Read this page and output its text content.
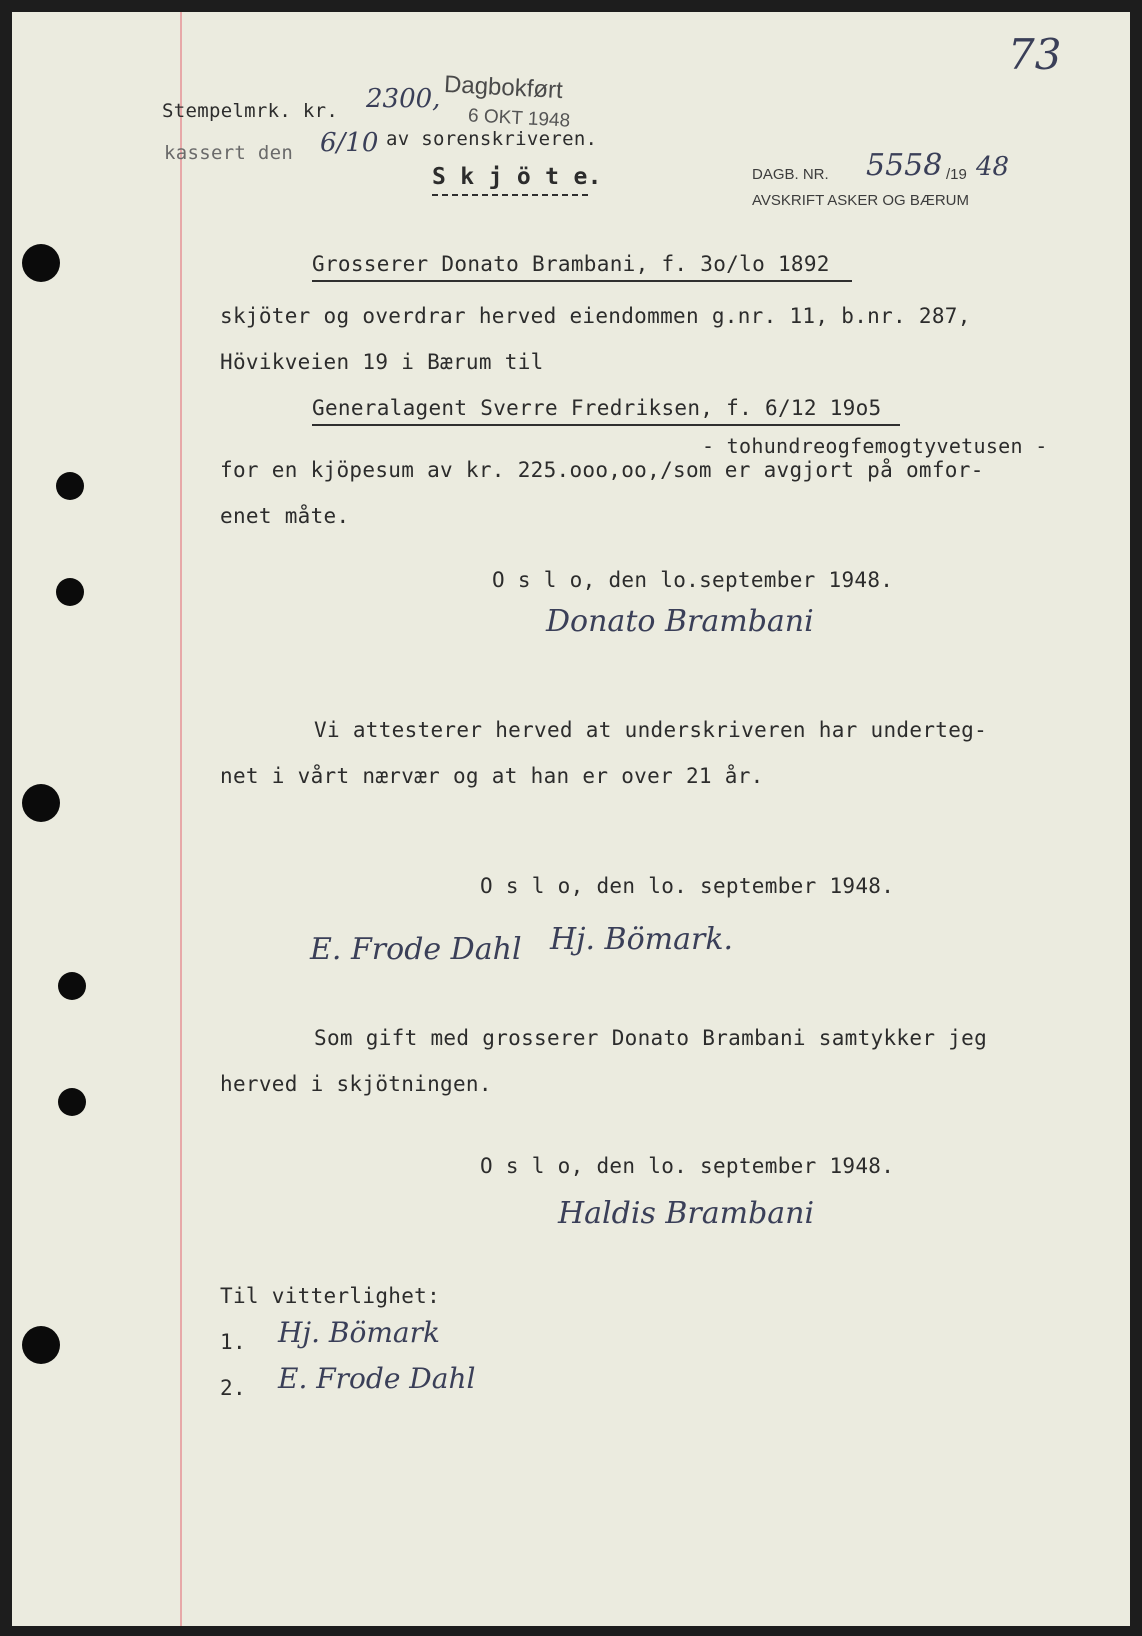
73
Stempelmrk. kr. 2300, Dagbokført
6 OKT 1948
kassert den 6/10 av sorenskriveren.
S k j ö t e.	DAGB. NR. 5558 /19 48
AVSKRIFT ASKER OG BÆRUM
Grosserer Donato Brambani, f. 3o/lo 1892
skjöter og overdrar herved eiendommen g.nr. 11, b.nr. 287,
Hövikveien 19 i Bærum til
Generalagent Sverre Fredriksen, f. 6/12 19o5
- tohundreogfemogtyvetusen -
for en kjöpesum av kr. 225.ooo,oo,/som er avgjort på omfor-
enet måte.
O s l o, den lo.september 1948.
Donato Brambani
Vi attesterer herved at underskriveren har underteg-
net i vårt nærvær og at han er over 21 år.
O s l o, den lo. september 1948.
E. Frode Dahl Hj. Bömark.
Som gift med grosserer Donato Brambani samtykker jeg
herved i skjötningen.
O s l o, den lo. september 1948.
Haldis Brambani
Til vitterlighet:
1. Hj. Bömark
2. E. Frode Dahl
